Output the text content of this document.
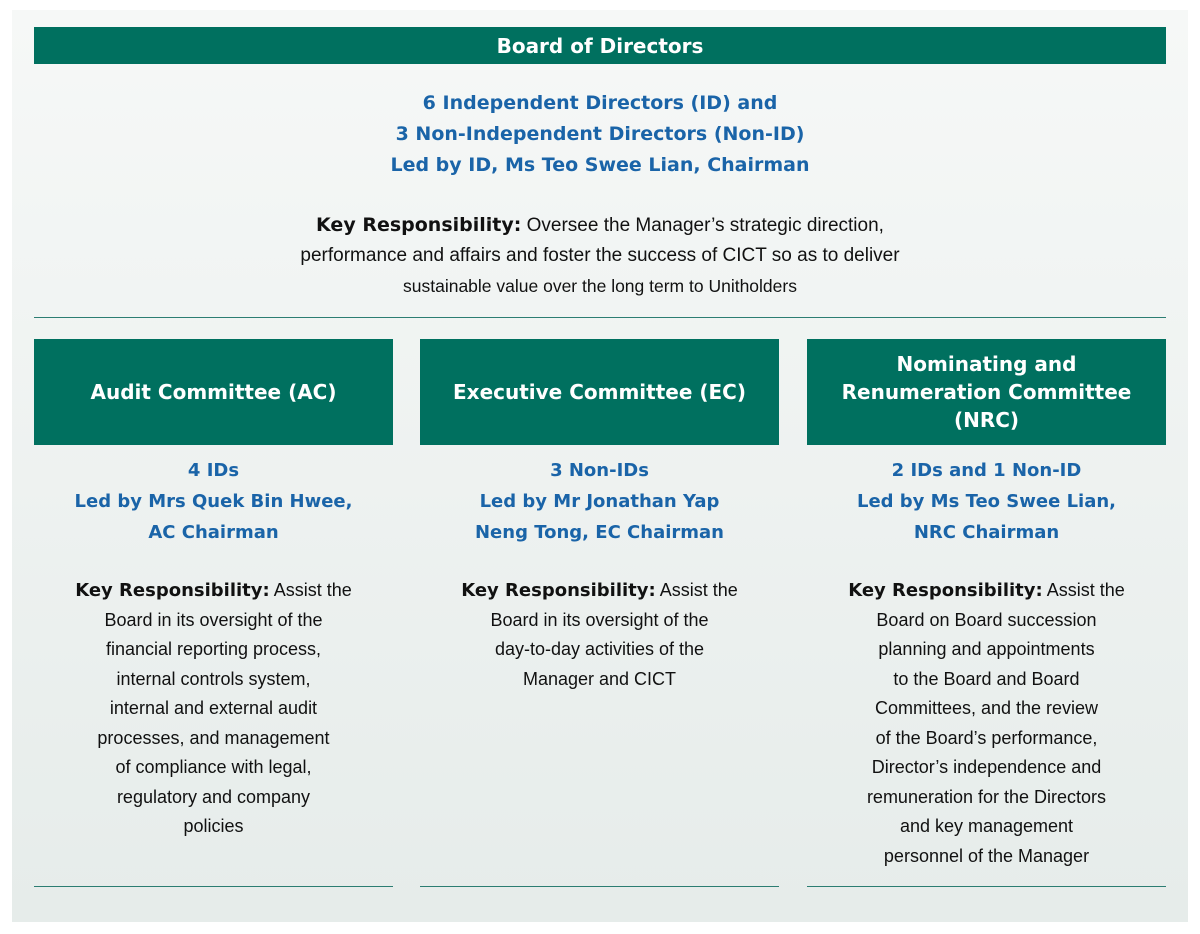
Board of Directors
6 Independent Directors (ID) and
3 Non-Independent Directors (Non-ID)
Led by ID, Ms Teo Swee Lian, Chairman
Key Responsibility: Oversee the Manager’s strategic direction,
performance and affairs and foster the success of CICT so as to deliver
sustainable value over the long term to Unitholders
Audit Committee (AC)
4 IDs
Led by Mrs Quek Bin Hwee,
AC Chairman
Key Responsibility: Assist the
Board in its oversight of the
financial reporting process,
internal controls system,
internal and external audit
processes, and management
of compliance with legal,
regulatory and company
policies
Executive Committee (EC)
3 Non-IDs
Led by Mr Jonathan Yap
Neng Tong, EC Chairman
Key Responsibility: Assist the
Board in its oversight of the
day-to-day activities of the
Manager and CICT
Nominating and
Renumeration Committee
(NRC)
2 IDs and 1 Non-ID
Led by Ms Teo Swee Lian,
NRC Chairman
Key Responsibility: Assist the
Board on Board succession
planning and appointments
to the Board and Board
Committees, and the review
of the Board’s performance,
Director’s independence and
remuneration for the Directors
and key management
personnel of the Manager
